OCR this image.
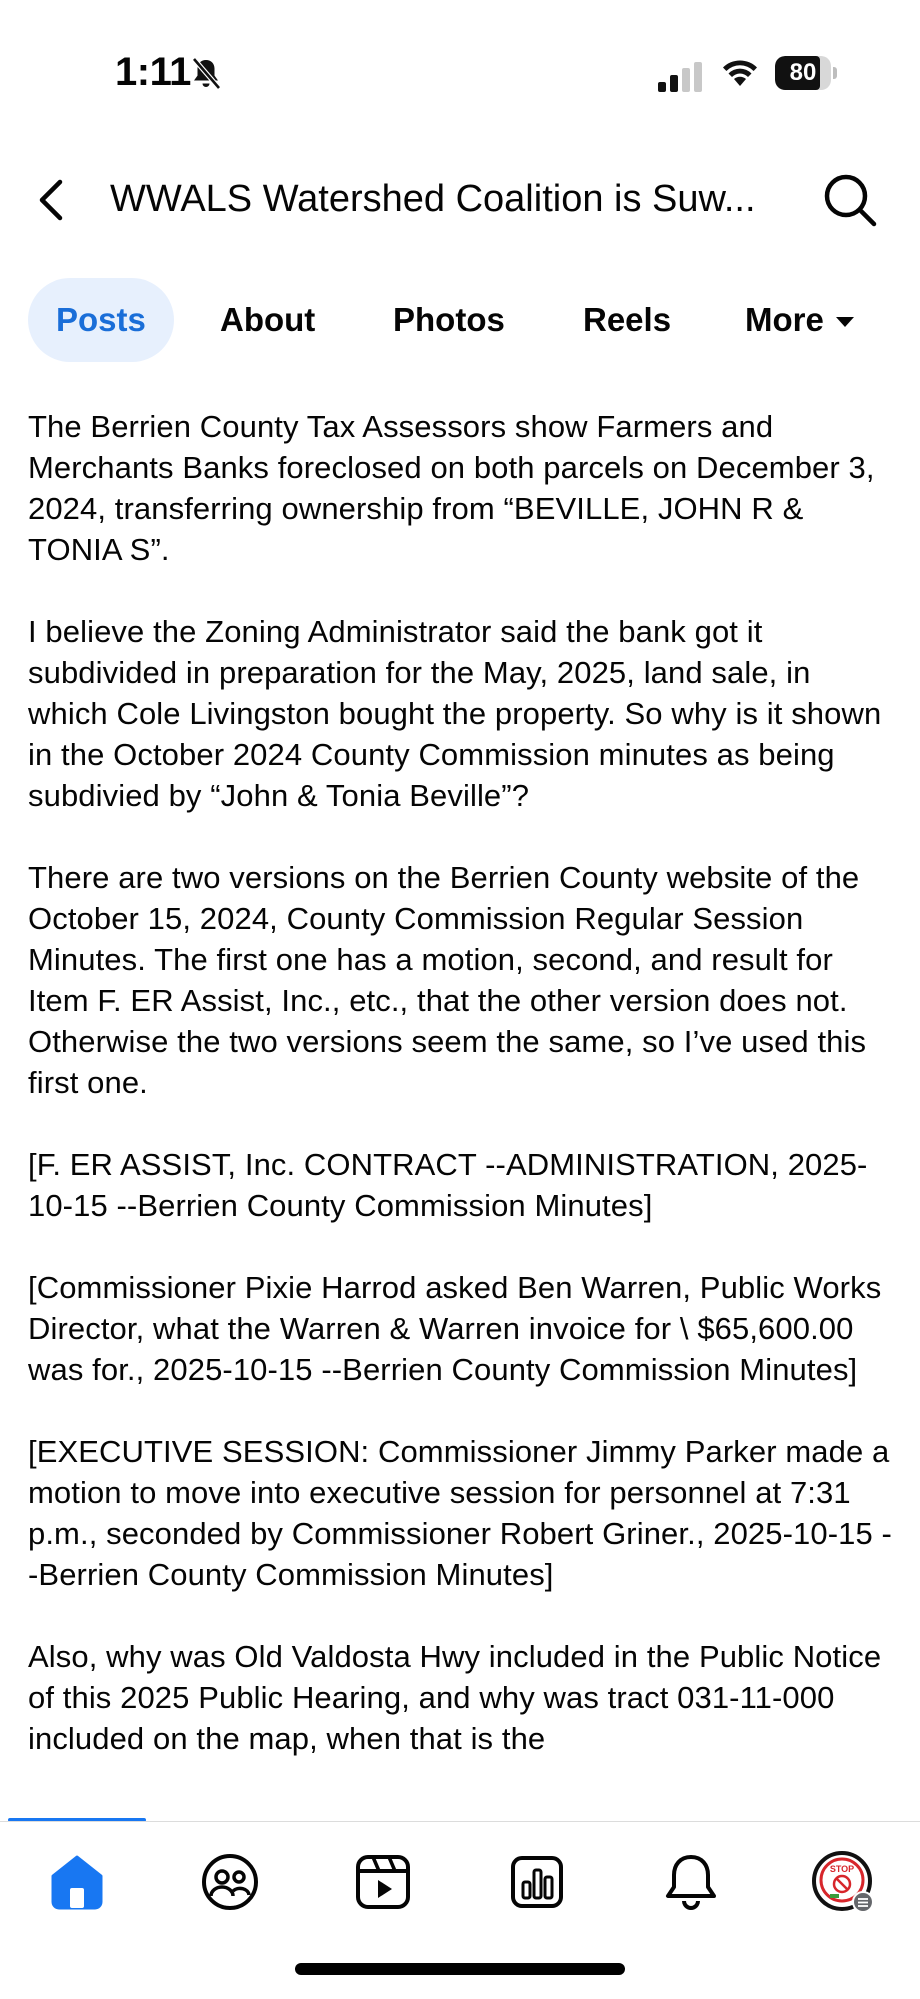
1:11	80
WWALS Watershed Coalition is Suw...
Posts	About Photos Reels More

The Berrien County Tax Assessors show Farmers and Merchants Banks foreclosed on both parcels on December 3, 2024, transferring ownership from “BEVILLE, JOHN R & TONIA S”.

I believe the Zoning Administrator said the bank got it subdivided in preparation for the May, 2025, land sale, in which Cole Livingston bought the property. So why is it shown in the October 2024 County Commission minutes as being subdivied by “John & Tonia Beville”?

There are two versions on the Berrien County website of the October 15, 2024, County Commission Regular Session Minutes. The first one has a motion, second, and result for Item F. ER Assist, Inc., etc., that the other version does not. Otherwise the two versions seem the same, so I’ve used this first one.

[F. ER ASSIST, Inc. CONTRACT --ADMINISTRATION, 2025-10-15 --Berrien County Commission Minutes]

[Commissioner Pixie Harrod asked Ben Warren, Public Works Director, what the Warren & Warren invoice for \ $65,600.00 was for., 2025-10-15 --Berrien County Commission Minutes]

[EXECUTIVE SESSION: Commissioner Jimmy Parker made a motion to move into executive session for personnel at 7:31 p.m., seconded by Commissioner Robert Griner., 2025-10-15 --Berrien County Commission Minutes]

Also, why was Old Valdosta Hwy included in the Public Notice of this 2025 Public Hearing, and why was tract 031-11-000 included on the map, when that is the

STOP
